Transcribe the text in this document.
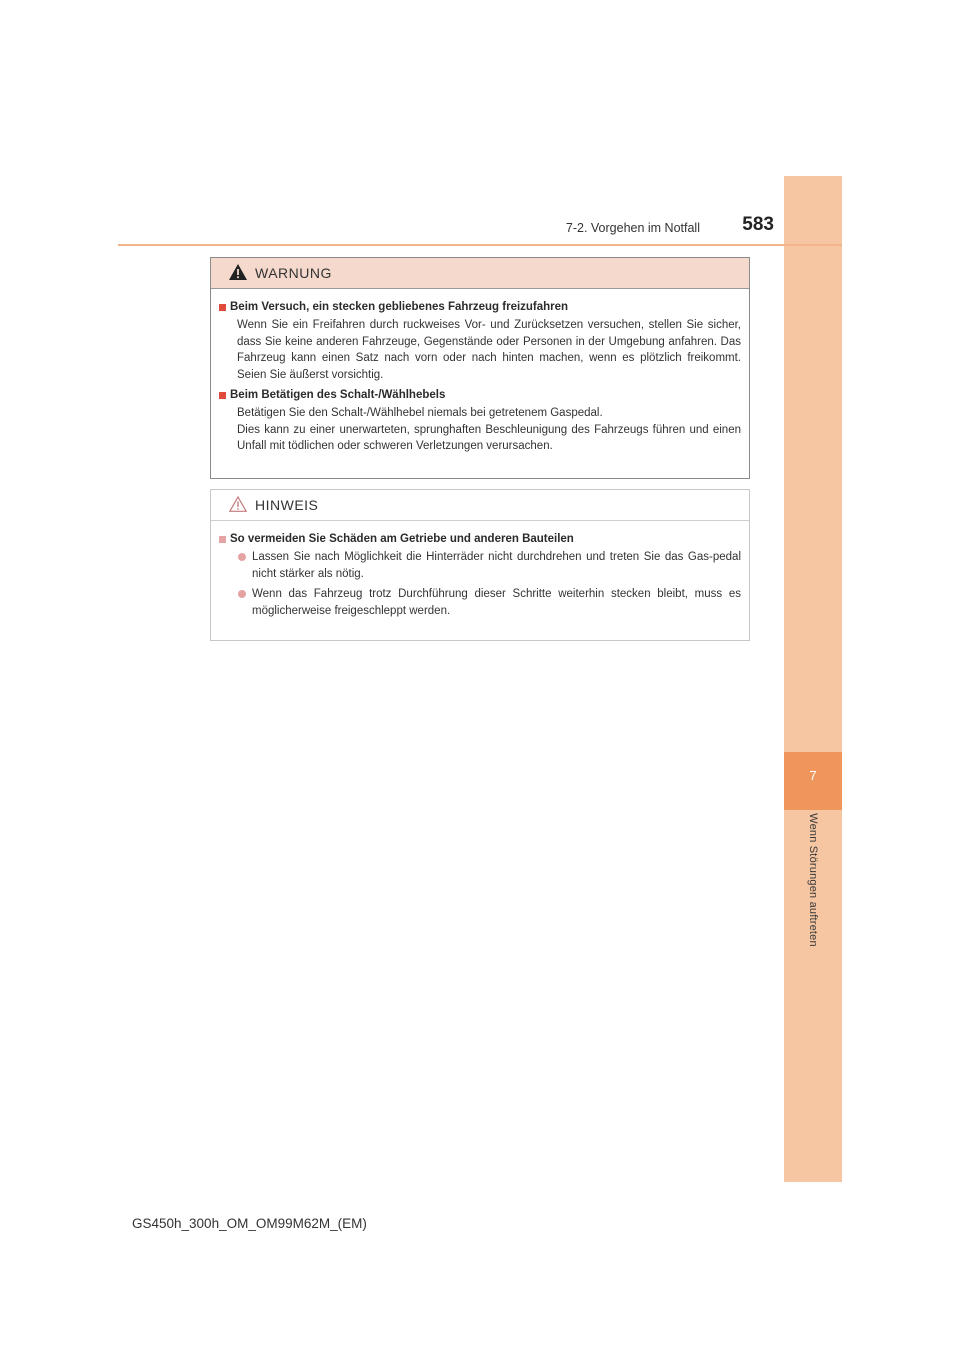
7
Wenn Störungen auftreten
7-2. Vorgehen im Notfall	583
WARNUNG
Beim Versuch, ein stecken gebliebenes Fahrzeug freizufahren
Wenn Sie ein Freifahren durch ruckweises Vor- und Zurücksetzen versuchen, stellen Sie sicher, dass Sie keine anderen Fahrzeuge, Gegenstände oder Personen in der Umgebung anfahren. Das Fahrzeug kann einen Satz nach vorn oder nach hinten machen, wenn es plötzlich freikommt. Seien Sie äußerst vorsichtig.
Beim Betätigen des Schalt-/Wählhebels
Betätigen Sie den Schalt-/Wählhebel niemals bei getretenem Gaspedal.
Dies kann zu einer unerwarteten, sprunghaften Beschleunigung des Fahrzeugs führen und einen Unfall mit tödlichen oder schweren Verletzungen verursachen.
HINWEIS
So vermeiden Sie Schäden am Getriebe und anderen Bauteilen
Lassen Sie nach Möglichkeit die Hinterräder nicht durchdrehen und treten Sie das Gas-pedal nicht stärker als nötig.
Wenn das Fahrzeug trotz Durchführung dieser Schritte weiterhin stecken bleibt, muss es möglicherweise freigeschleppt werden.
GS450h_300h_OM_OM99M62M_(EM)
